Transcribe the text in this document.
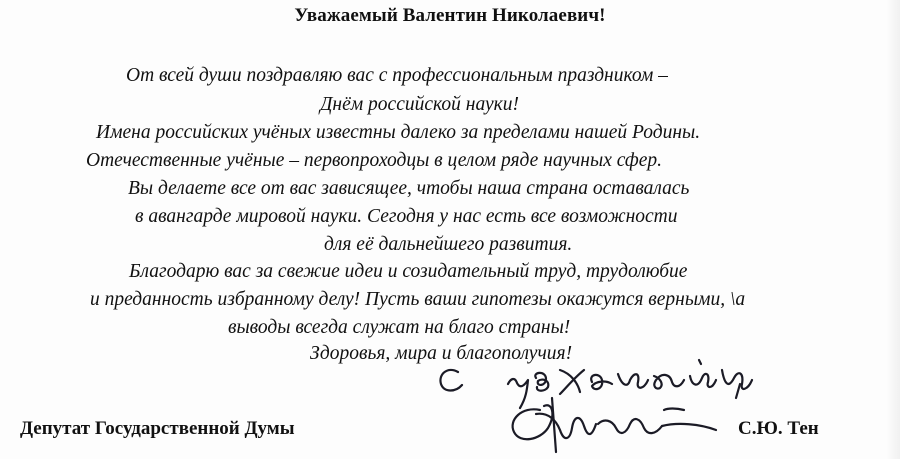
Уважаемый Валентин Николаевич!
От всей души поздравляю вас с профессиональным праздником –
Днём российской науки!
Имена российских учёных известны далеко за пределами нашей Родины.
Отечественные учёные – первопроходцы в целом ряде научных сфер.
Вы делаете все от вас зависящее, чтобы наша страна оставалась
в авангарде мировой науки. Сегодня у нас есть все возможности
для её дальнейшего развития.
Благодарю вас за свежие идеи и созидательный труд, трудолюбие
и преданность избранному делу! Пусть ваши гипотезы окажутся верными, \а
выводы всегда служат на благо страны!
Здоровья, мира и благополучия!
Депутат Государственной Думы	С.Ю. Тен
